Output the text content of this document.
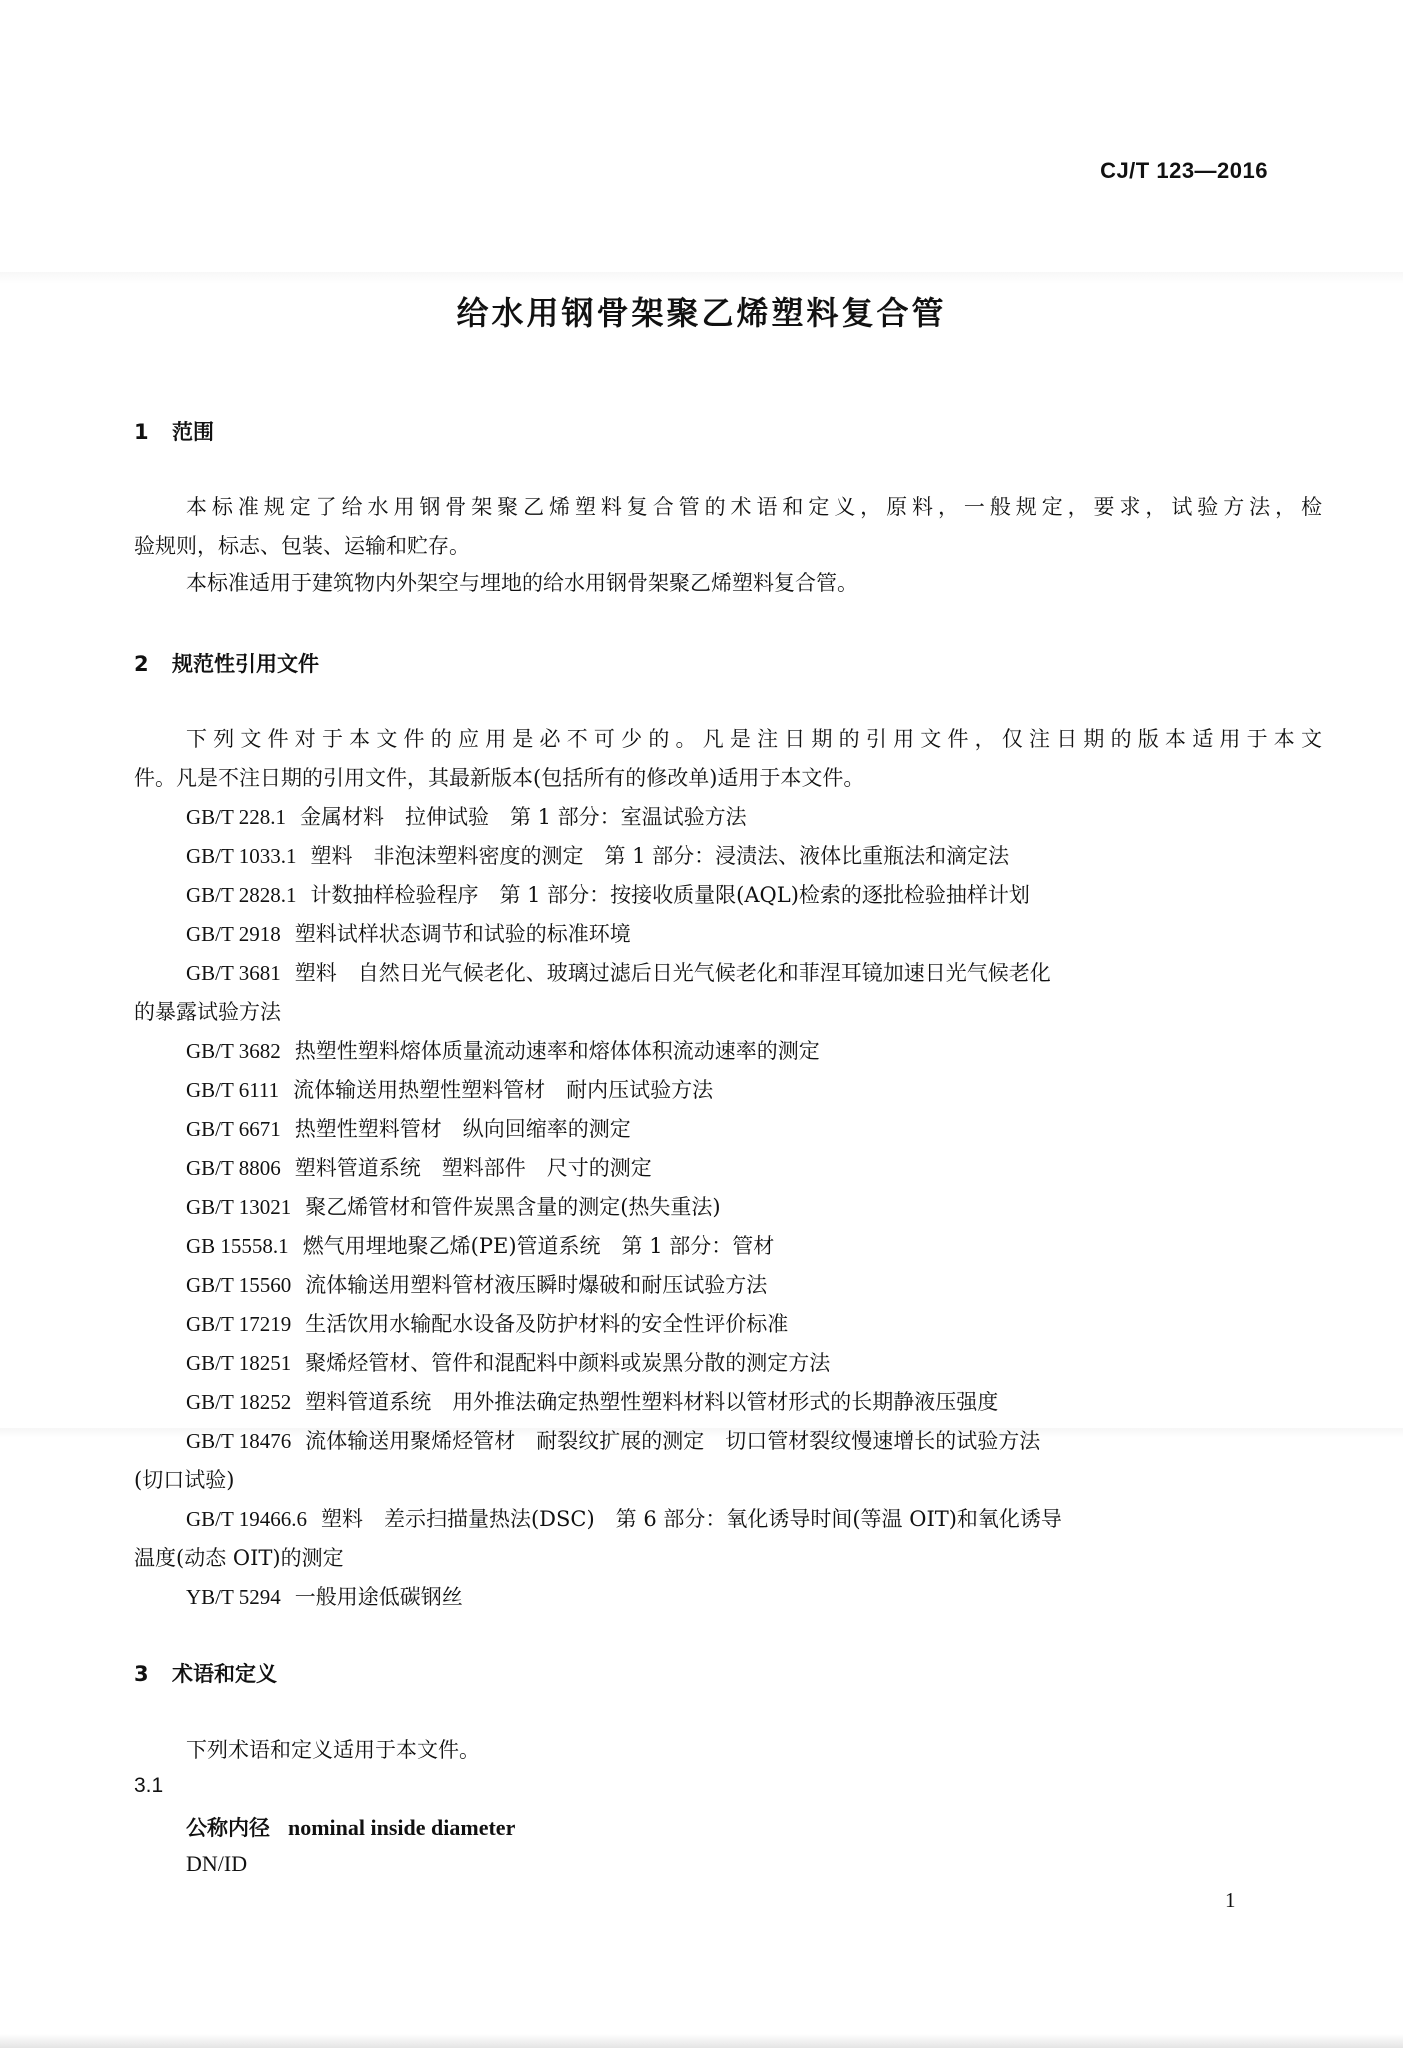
CJ/T 123—2016
给水用钢骨架聚乙烯塑料复合管
1 范围
本标准规定了给水用钢骨架聚乙烯塑料复合管的术语和定义，原料，一般规定，要求，试验方法，检
验规则，标志、包装、运输和贮存。
本标准适用于建筑物内外架空与埋地的给水用钢骨架聚乙烯塑料复合管。
2 规范性引用文件
下列文件对于本文件的应用是必不可少的。凡是注日期的引用文件，仅注日期的版本适用于本文
件。凡是不注日期的引用文件，其最新版本(包括所有的修改单)适用于本文件。
GB/T 228.1 金属材料　拉伸试验　第 1 部分：室温试验方法
GB/T 1033.1 塑料　非泡沫塑料密度的测定　第 1 部分：浸渍法、液体比重瓶法和滴定法
GB/T 2828.1 计数抽样检验程序　第 1 部分：按接收质量限(AQL)检索的逐批检验抽样计划
GB/T 2918 塑料试样状态调节和试验的标准环境
GB/T 3681 塑料　自然日光气候老化、玻璃过滤后日光气候老化和菲涅耳镜加速日光气候老化
的暴露试验方法
GB/T 3682 热塑性塑料熔体质量流动速率和熔体体积流动速率的测定
GB/T 6111 流体输送用热塑性塑料管材　耐内压试验方法
GB/T 6671 热塑性塑料管材　纵向回缩率的测定
GB/T 8806 塑料管道系统　塑料部件　尺寸的测定
GB/T 13021 聚乙烯管材和管件炭黑含量的测定(热失重法)
GB 15558.1 燃气用埋地聚乙烯(PE)管道系统　第 1 部分：管材
GB/T 15560 流体输送用塑料管材液压瞬时爆破和耐压试验方法
GB/T 17219 生活饮用水输配水设备及防护材料的安全性评价标准
GB/T 18251 聚烯烃管材、管件和混配料中颜料或炭黑分散的测定方法
GB/T 18252 塑料管道系统　用外推法确定热塑性塑料材料以管材形式的长期静液压强度
GB/T 18476 流体输送用聚烯烃管材　耐裂纹扩展的测定　切口管材裂纹慢速增长的试验方法
(切口试验)
GB/T 19466.6 塑料　差示扫描量热法(DSC)　第 6 部分：氧化诱导时间(等温 OIT)和氧化诱导
温度(动态 OIT)的测定
YB/T 5294 一般用途低碳钢丝
3 术语和定义
下列术语和定义适用于本文件。
3.1
公称内径 nominal inside diameter
DN/ID
1
